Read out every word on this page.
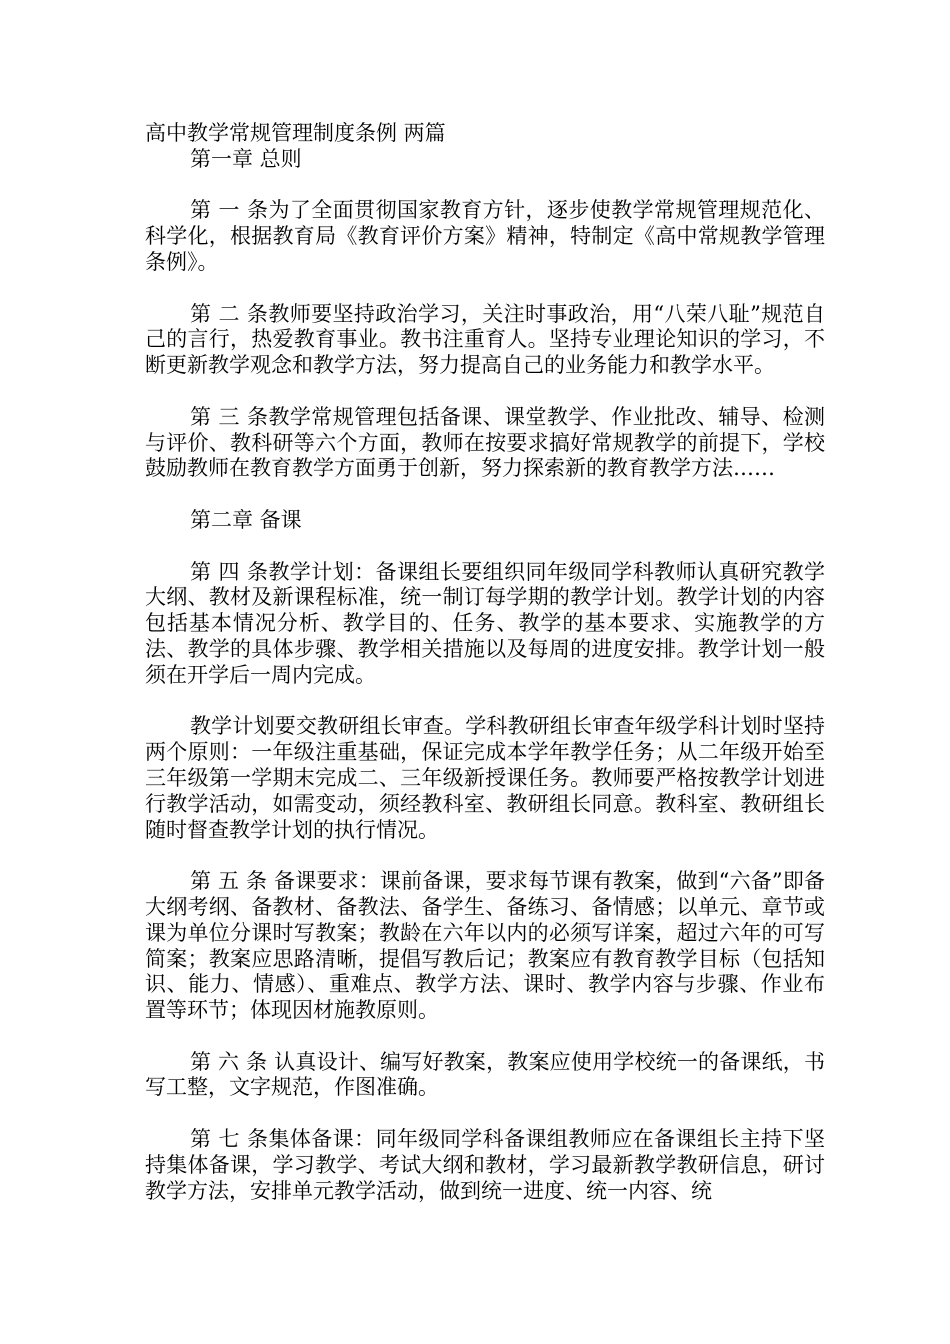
高中教学常规管理制度条例 两篇
第一章 总则

第 一 条为了全面贯彻国家教育方针，逐步使教学常规管理规范化、科学化，根据教育局《教育评价方案》精神，特制定《高中常规教学管理条例》。

第 二 条教师要坚持政治学习，关注时事政治，用“八荣八耻”规范自己的言行，热爱教育事业。教书注重育人。坚持专业理论知识的学习，不断更新教学观念和教学方法，努力提高自己的业务能力和教学水平。

第 三 条教学常规管理包括备课、课堂教学、作业批改、辅导、检测与评价、教科研等六个方面，教师在按要求搞好常规教学的前提下，学校鼓励教师在教育教学方面勇于创新，努力探索新的教育教学方法……

第二章 备课

第 四 条教学计划：备课组长要组织同年级同学科教师认真研究教学大纲、教材及新课程标准，统一制订每学期的教学计划。教学计划的内容包括基本情况分析、教学目的、任务、教学的基本要求、实施教学的方法、教学的具体步骤、教学相关措施以及每周的进度安排。教学计划一般须在开学后一周内完成。

教学计划要交教研组长审查。学科教研组长审查年级学科计划时坚持两个原则：一年级注重基础，保证完成本学年教学任务；从二年级开始至三年级第一学期末完成二、三年级新授课任务。教师要严格按教学计划进行教学活动，如需变动，须经教科室、教研组长同意。教科室、教研组长随时督查教学计划的执行情况。

第 五 条 备课要求：课前备课，要求每节课有教案，做到“六备”即备大纲考纲、备教材、备教法、备学生、备练习、备情感；以单元、章节或课为单位分课时写教案；教龄在六年以内的必须写详案，超过六年的可写简案；教案应思路清晰，提倡写教后记；教案应有教育教学目标（包括知识、能力、情感）、重难点、教学方法、课时、教学内容与步骤、作业布置等环节；体现因材施教原则。

第 六 条 认真设计、编写好教案，教案应使用学校统一的备课纸，书写工整，文字规范，作图准确。

第 七 条集体备课：同年级同学科备课组教师应在备课组长主持下坚持集体备课，学习教学、考试大纲和教材，学习最新教学教研信息，研讨教学方法，安排单元教学活动，做到统一进度、统一内容、统
